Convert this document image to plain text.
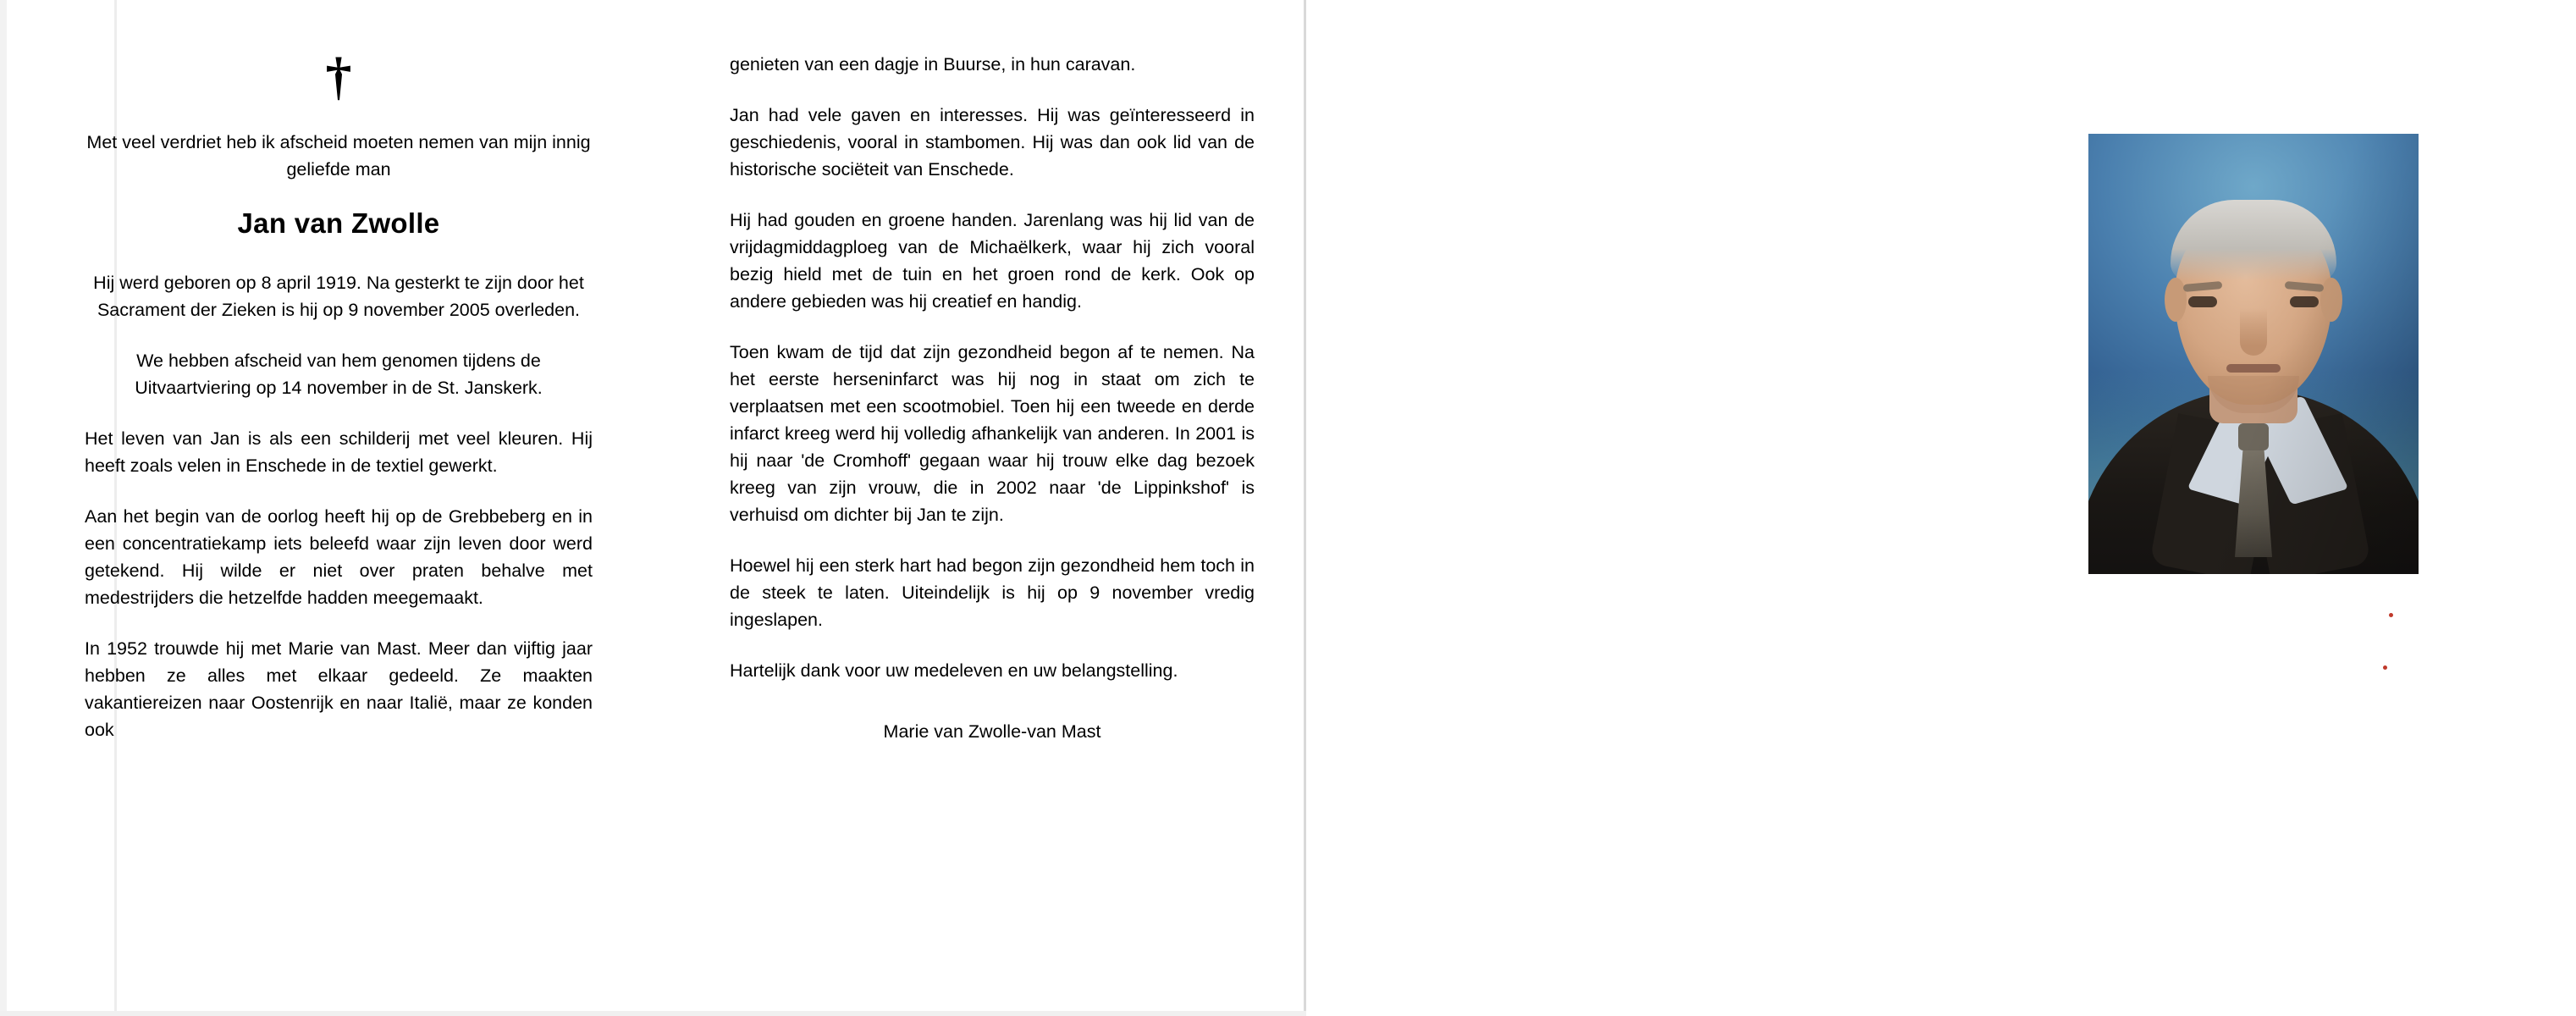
†

Met veel verdriet heb ik afscheid moeten nemen van mijn innig geliefde man

Jan van Zwolle

Hij werd geboren op 8 april 1919. Na gesterkt te zijn door het Sacrament der Zieken is hij op 9 november 2005 overleden.

We hebben afscheid van hem genomen tijdens de Uitvaartviering op 14 november in de St. Janskerk.

Het leven van Jan is als een schilderij met veel kleuren. Hij heeft zoals velen in Enschede in de textiel gewerkt.

Aan het begin van de oorlog heeft hij op de Grebbeberg en in een concentratiekamp iets beleefd waar zijn leven door werd getekend. Hij wilde er niet over praten behalve met medestrijders die hetzelfde hadden meegemaakt.

In 1952 trouwde hij met Marie van Mast. Meer dan vijftig jaar hebben ze alles met elkaar gedeeld. Ze maakten vakantiereizen naar Oostenrijk en naar Italië, maar ze konden ook

genieten van een dagje in Buurse, in hun caravan.

Jan had vele gaven en interesses. Hij was geïnteresseerd in geschiedenis, vooral in stambomen. Hij was dan ook lid van de historische sociëteit van Enschede.

Hij had gouden en groene handen. Jarenlang was hij lid van de vrijdagmiddagploeg van de Michaëlkerk, waar hij zich vooral bezig hield met de tuin en het groen rond de kerk. Ook op andere gebieden was hij creatief en handig.

Toen kwam de tijd dat zijn gezondheid begon af te nemen. Na het eerste herseninfarct was hij nog in staat om zich te verplaatsen met een scootmobiel. Toen hij een tweede en derde infarct kreeg werd hij volledig afhankelijk van anderen. In 2001 is hij naar 'de Cromhoff' gegaan waar hij trouw elke dag bezoek kreeg van zijn vrouw, die in 2002 naar 'de Lippinkshof' is verhuisd om dichter bij Jan te zijn.

Hoewel hij een sterk hart had begon zijn gezondheid hem toch in de steek te laten. Uiteindelijk is hij op 9 november vredig ingeslapen.

Hartelijk dank voor uw medeleven en uw belangstelling.

Marie van Zwolle-van Mast
